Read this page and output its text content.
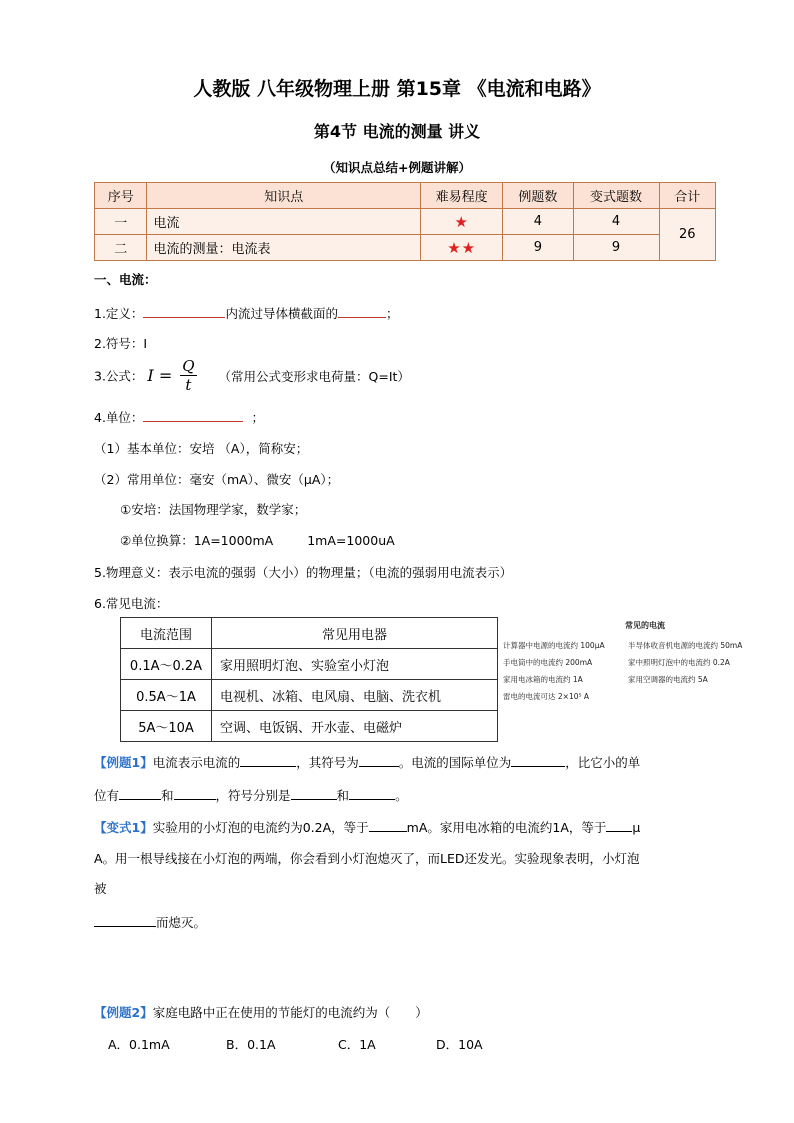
人教版 八年级物理上册 第15章 《电流和电路》
第4节 电流的测量 讲义
（知识点总结+例题讲解）
序号	知识点	难易程度	例题数	变式题数	合计
一	电流	★	4	4	26
二	电流的测量：电流表	★★	9	9	
一、电流：
1.定义：	内流过导体横截面的	；
2.符号：I
3.公式： $I = \frac{Q}{t}$ （常用公式变形求电荷量：Q=It）
4.单位：	；
（1）基本单位：安培 （A），简称安；
（2）常用单位：毫安（mA）、微安（μA）；
①安培：法国物理学家，数学家；
②单位换算：1A=1000mA	1mA=1000uA
5.物理意义：表示电流的强弱（大小）的物理量；（电流的强弱用电流表示）
6.常见电流：
电流范围	常见用电器
0.1A～0.2A	家用照明灯泡、实验室小灯泡
0.5A～1A	电视机、冰箱、电风扇、电脑、洗衣机
5A～10A	空调、电饭锅、开水壶、电磁炉
常见的电流
计算器中电源的电流约 100μA	半导体收音机电源的电流约 50mA
手电筒中的电流约 200mA	家中照明灯泡中的电流约 0.2A
家用电冰箱的电流约 1A	家用空调器的电流约 5A
雷电的电流可达 2×10⁵ A
【例题1】电流表示电流的	，其符号为	。电流的国际单位为	，比它小的单
位有	和	，符号分别是	和	。
【变式1】实验用的小灯泡的电流约为0.2A，等于	mA。家用电冰箱的电流约1A，等于 μ
A。用一根导线接在小灯泡的两端，你会看到小灯泡熄灭了，而LED还发光。实验现象表明，小灯泡
被
而熄灭。
【例题2】家庭电路中正在使用的节能灯的电流约为（　　）
A．0.1mA	B．0.1A	C．1A	D．10A
